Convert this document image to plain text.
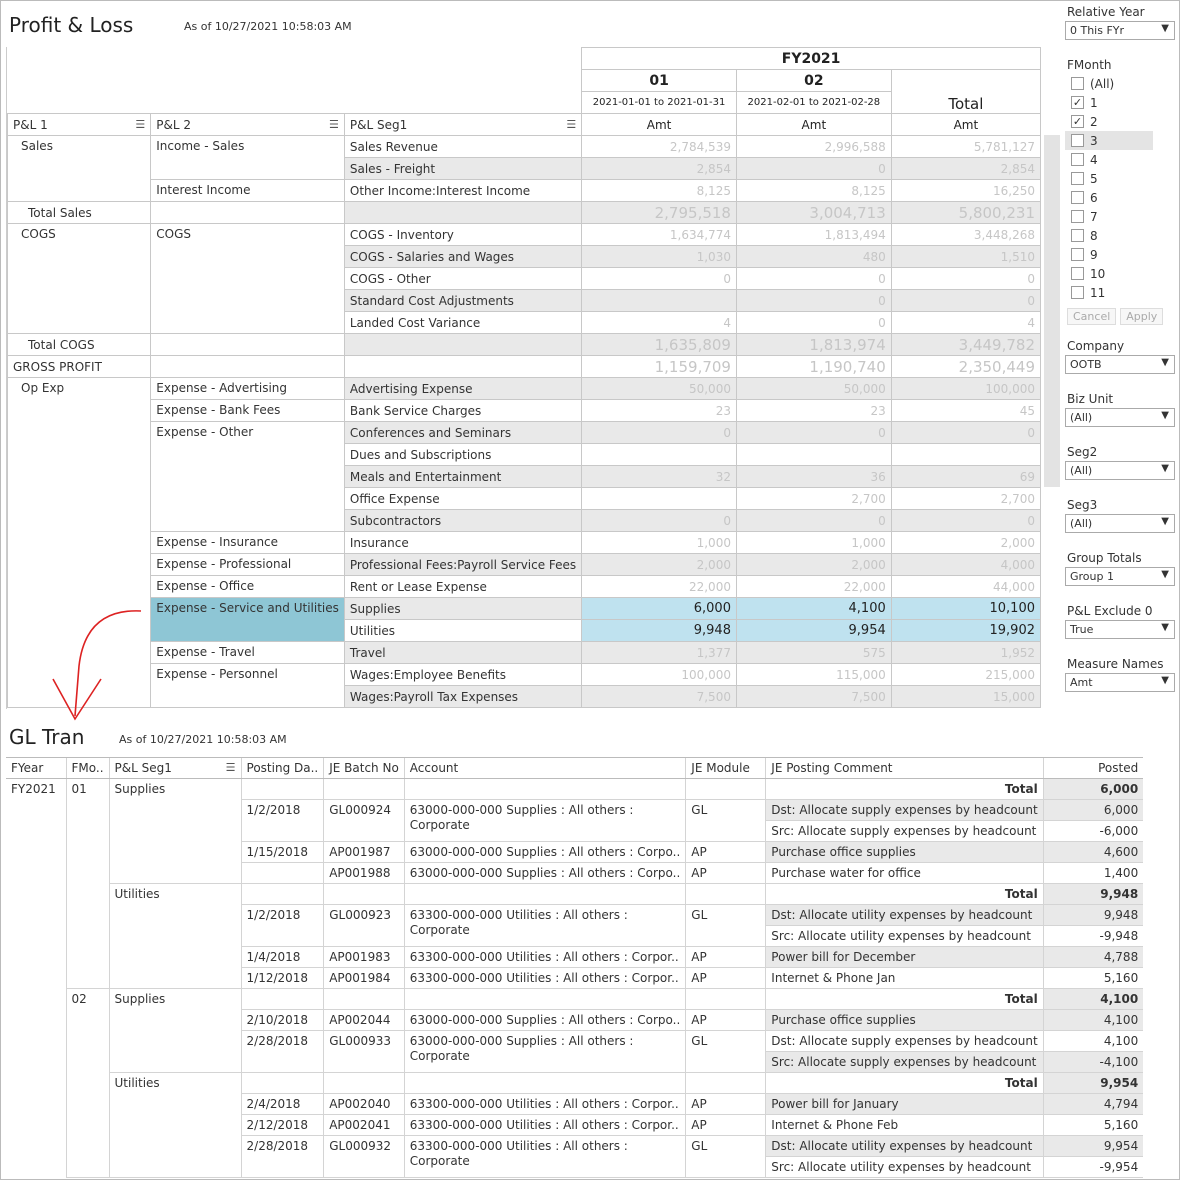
Profit & Loss	As of 10/27/2021 10:58:03 AM
			FY2021		
			01	02	Total
			2021-01-01 to 2021-01-31	2021-02-01 to 2021-02-28	
P&L 1 ☰	P&L 2 ☰	P&L Seg1 ☰	Amt	Amt	Amt
Sales	Income - Sales	Sales Revenue	2,784,539	2,996,588	5,781,127
		Sales - Freight	2,854	0	2,854
	Interest Income	Other Income:Interest Income	8,125	8,125	16,250
Total Sales			2,795,518	3,004,713	5,800,231
COGS	COGS	COGS - Inventory	1,634,774	1,813,494	3,448,268
		COGS - Salaries and Wages	1,030	480	1,510
		COGS - Other	0	0	0
		Standard Cost Adjustments		0	0
		Landed Cost Variance	4	0	4
Total COGS			1,635,809	1,813,974	3,449,782
GROSS PROFIT			1,159,709	1,190,740	2,350,449
Op Exp	Expense - Advertising	Advertising Expense	50,000	50,000	100,000
	Expense - Bank Fees	Bank Service Charges	23	23	45
	Expense - Other	Conferences and Seminars	0	0	0
		Dues and Subscriptions			
		Meals and Entertainment	32	36	69
		Office Expense		2,700	2,700
		Subcontractors	0	0	0
	Expense - Insurance	Insurance	1,000	1,000	2,000
	Expense - Professional	Professional Fees:Payroll Service Fees	2,000	2,000	4,000
	Expense - Office	Rent or Lease Expense	22,000	22,000	44,000
	Expense - Service and Utilities	Supplies	6,000	4,100	10,100
		Utilities	9,948	9,954	19,902
	Expense - Travel	Travel	1,377	575	1,952
	Expense - Personnel	Wages:Employee Benefits	100,000	115,000	215,000
		Wages:Payroll Tax Expenses	7,500	7,500	15,000
Relative Year
0 This FYr	▼
FMonth
(All)
✓ 1
✓ 2
3
4
5
6
7
8
9
10
11
Cancel	Apply
Company
OOTB	▼
Biz Unit
(All)	▼
Seg2
(All)	▼
Seg3
(All)	▼
Group Totals
Group 1	▼
P&L Exclude 0
True	▼
Measure Names
Amt	▼
GL Tran	As of 10/27/2021 10:58:03 AM
FYear	FMo..	P&L Seg1 ☰	Posting Da..	JE Batch No	Account	JE Module	JE Posting Comment	Posted
FY2021	01	Supplies					Total	6,000
			1/2/2018	GL000924	63000-000-000 Supplies : All others : Corporate	GL	Dst: Allocate supply expenses by headcount	6,000
							Src: Allocate supply expenses by headcount	-6,000
			1/15/2018	AP001987	63000-000-000 Supplies : All others : Corpo..	AP	Purchase office supplies	4,600
				AP001988	63000-000-000 Supplies : All others : Corpo..	AP	Purchase water for office	1,400
		Utilities					Total	9,948
			1/2/2018	GL000923	63300-000-000 Utilities : All others : Corporate	GL	Dst: Allocate utility expenses by headcount	9,948
							Src: Allocate utility expenses by headcount	-9,948
			1/4/2018	AP001983	63300-000-000 Utilities : All others : Corpor..	AP	Power bill for December	4,788
			1/12/2018	AP001984	63300-000-000 Utilities : All others : Corpor..	AP	Internet & Phone Jan	5,160
	02	Supplies					Total	4,100
			2/10/2018	AP002044	63000-000-000 Supplies : All others : Corpo..	AP	Purchase office supplies	4,100
			2/28/2018	GL000933	63000-000-000 Supplies : All others : Corporate	GL	Dst: Allocate supply expenses by headcount	4,100
							Src: Allocate supply expenses by headcount	-4,100
		Utilities					Total	9,954
			2/4/2018	AP002040	63300-000-000 Utilities : All others : Corpor..	AP	Power bill for January	4,794
			2/12/2018	AP002041	63300-000-000 Utilities : All others : Corpor..	AP	Internet & Phone Feb	5,160
			2/28/2018	GL000932	63300-000-000 Utilities : All others : Corporate	GL	Dst: Allocate utility expenses by headcount	9,954
							Src: Allocate utility expenses by headcount	-9,954
